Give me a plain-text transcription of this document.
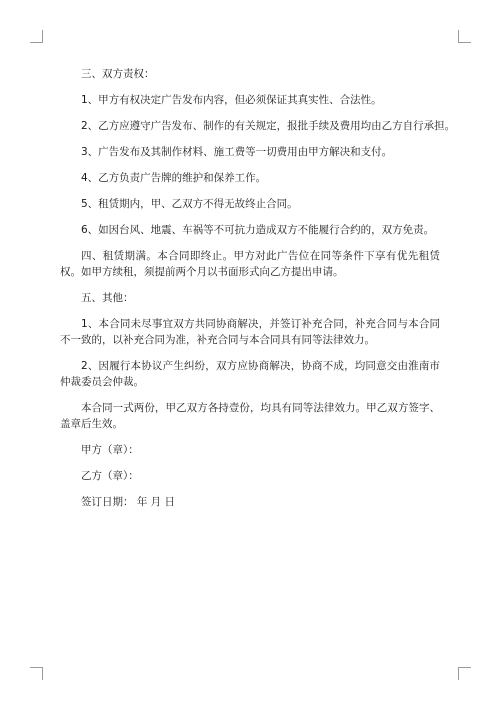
三、双方责权：

1、甲方有权决定广告发布内容，但必须保证其真实性、合法性。

2、乙方应遵守广告发布、制作的有关规定，报批手续及费用均由乙方自行承担。

3、广告发布及其制作材料、施工费等一切费用由甲方解决和支付。

4、乙方负责广告牌的维护和保养工作。

5、租赁期内，甲、乙双方不得无故终止合同。

6、如因台风、地震、车祸等不可抗力造成双方不能履行合约的，双方免责。

四、租赁期满。本合同即终止。甲方对此广告位在同等条件下享有优先租赁权。如甲方续租，须提前两个月以书面形式向乙方提出申请。

五、其他：

1、本合同未尽事宜双方共同协商解决，并签订补充合同，补充合同与本合同不一致的，以补充合同为准，补充合同与本合同具有同等法律效力。

2、因履行本协议产生纠纷，双方应协商解决，协商不成，均同意交由淮南市仲裁委员会仲裁。

本合同一式两份，甲乙双方各持壹份，均具有同等法律效力。甲乙双方签字、盖章后生效。

甲方（章）：

乙方（章）：

签订日期： 年 月 日
